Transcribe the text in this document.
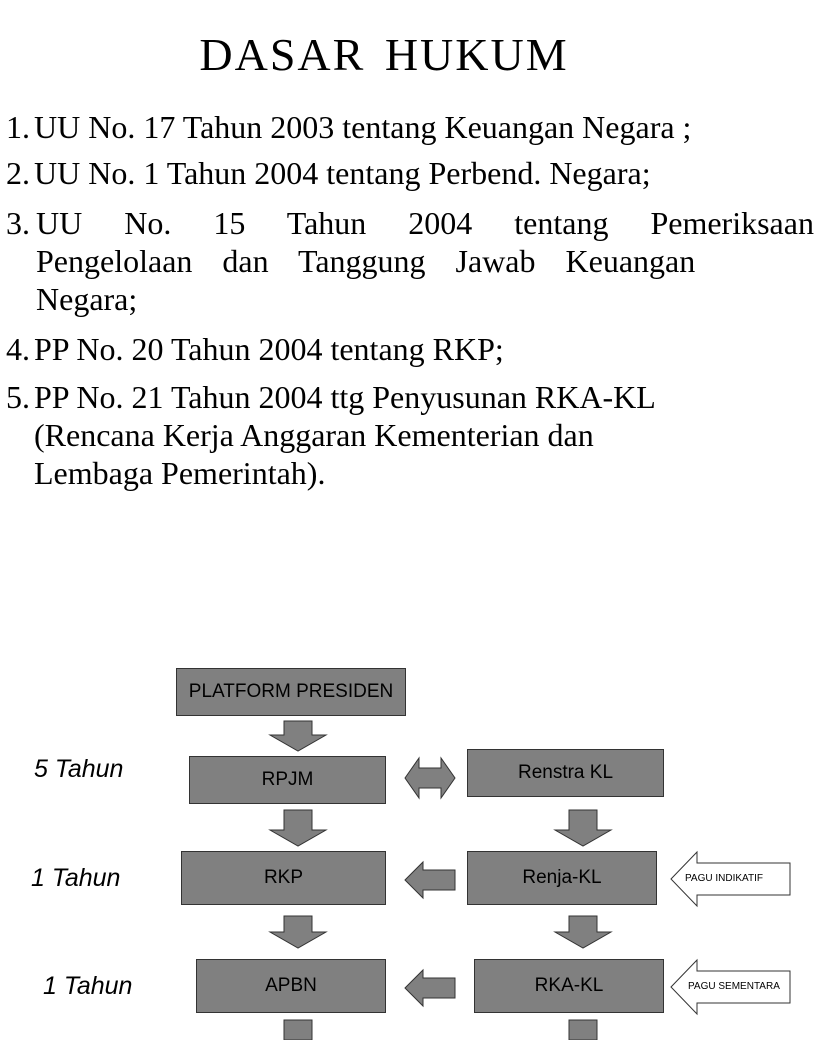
DASAR HUKUM
1. UU No. 17 Tahun 2003 tentang Keuangan Negara ;
2. UU No. 1 Tahun 2004 tentang Perbend. Negara;
3. UU No. 15 Tahun 2004 tentang Pemeriksaan
Pengelolaan dan Tanggung Jawab Keuangan
Negara;
4. PP No. 20 Tahun 2004 tentang RKP;
5. PP No. 21 Tahun 2004 ttg Penyusunan RKA-KL
(Rencana Kerja Anggaran Kementerian dan
Lembaga Pemerintah).
PLATFORM PRESIDEN
RPJM	Renstra KL
RKP	Renja-KL
APBN	RKA-KL
5 Tahun
1 Tahun
1 Tahun
PAGU INDIKATIF
PAGU SEMENTARA
